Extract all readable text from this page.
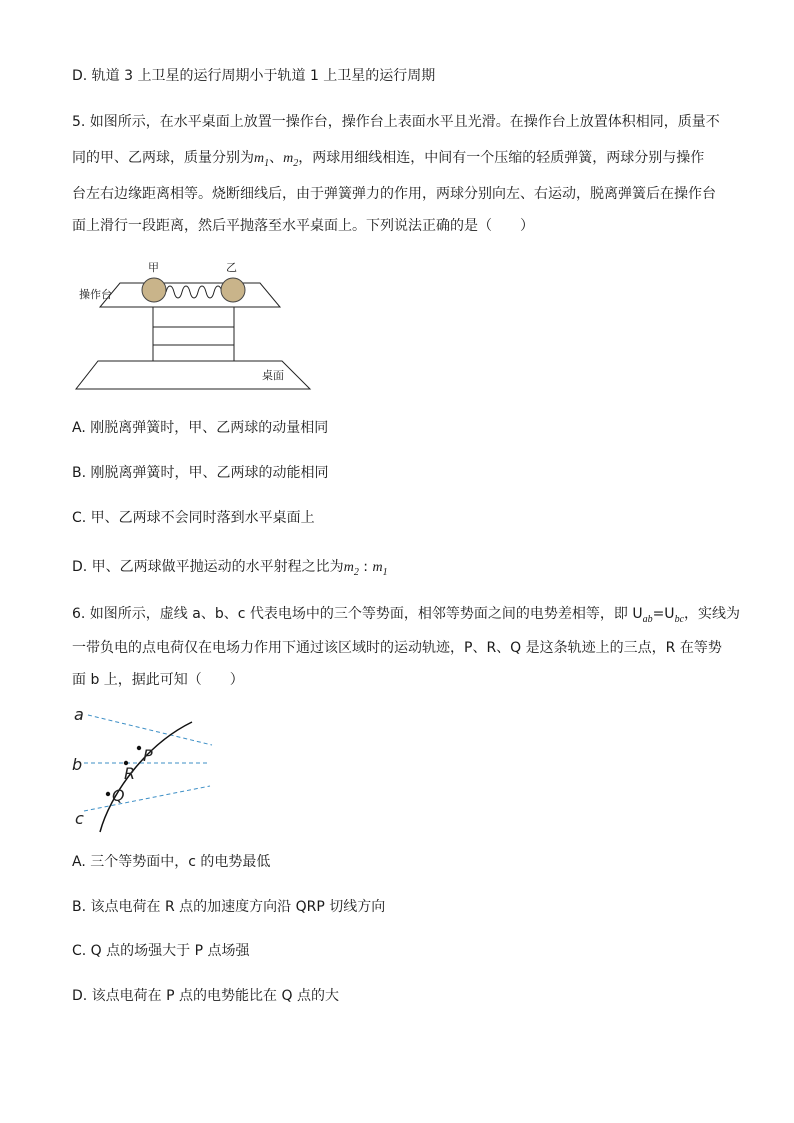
D. 轨道 3 上卫星的运行周期小于轨道 1 上卫星的运行周期
5. 如图所示，在水平桌面上放置一操作台，操作台上表面水平且光滑。在操作台上放置体积相同，质量不
同的甲、乙两球，质量分别为$m_1$、$m_2$，两球用细线相连，中间有一个压缩的轻质弹簧，两球分别与操作
台左右边缘距离相等。烧断细线后，由于弹簧弹力的作用，两球分别向左、右运动，脱离弹簧后在操作台
面上滑行一段距离，然后平抛落至水平桌面上。下列说法正确的是（　　）
甲	乙
操作台
桌面
A. 刚脱离弹簧时，甲、乙两球的动量相同
B. 刚脱离弹簧时，甲、乙两球的动能相同
C. 甲、乙两球不会同时落到水平桌面上
D. 甲、乙两球做平抛运动的水平射程之比为$m_2$ : $m_1$
6. 如图所示，虚线 a、b、c 代表电场中的三个等势面，相邻等势面之间的电势差相等，即 $U_{ab}=U_{bc}$，实线为
一带负电的点电荷仅在电场力作用下通过该区域时的运动轨迹，P、R、Q 是这条轨迹上的三点，R 在等势
面 b 上，据此可知（　　）
a
b
c
P
R
Q
A. 三个等势面中，c 的电势最低
B. 该点电荷在 R 点的加速度方向沿 QRP 切线方向
C. Q 点的场强大于 P 点场强
D. 该点电荷在 P 点的电势能比在 Q 点的大
